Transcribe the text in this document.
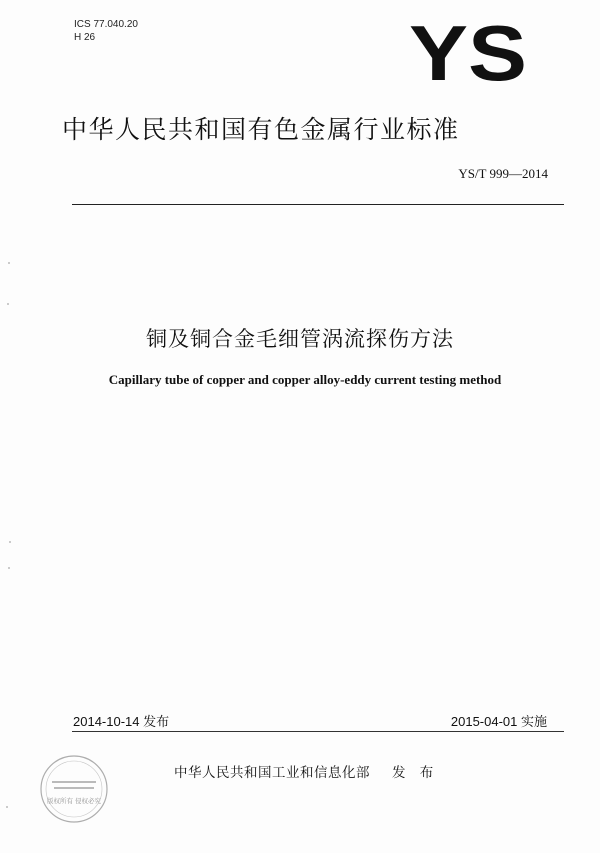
ICS 77.040.20
H 26	YS
中华人民共和国有色金属行业标准
YS/T 999—2014
铜及铜合金毛细管涡流探伤方法
Capillary tube of copper and copper alloy-eddy current testing method
2014-10-14 发布	2015-04-01 实施
中华人民共和国工业和信息化部 发 布
版权所有 侵权必究
